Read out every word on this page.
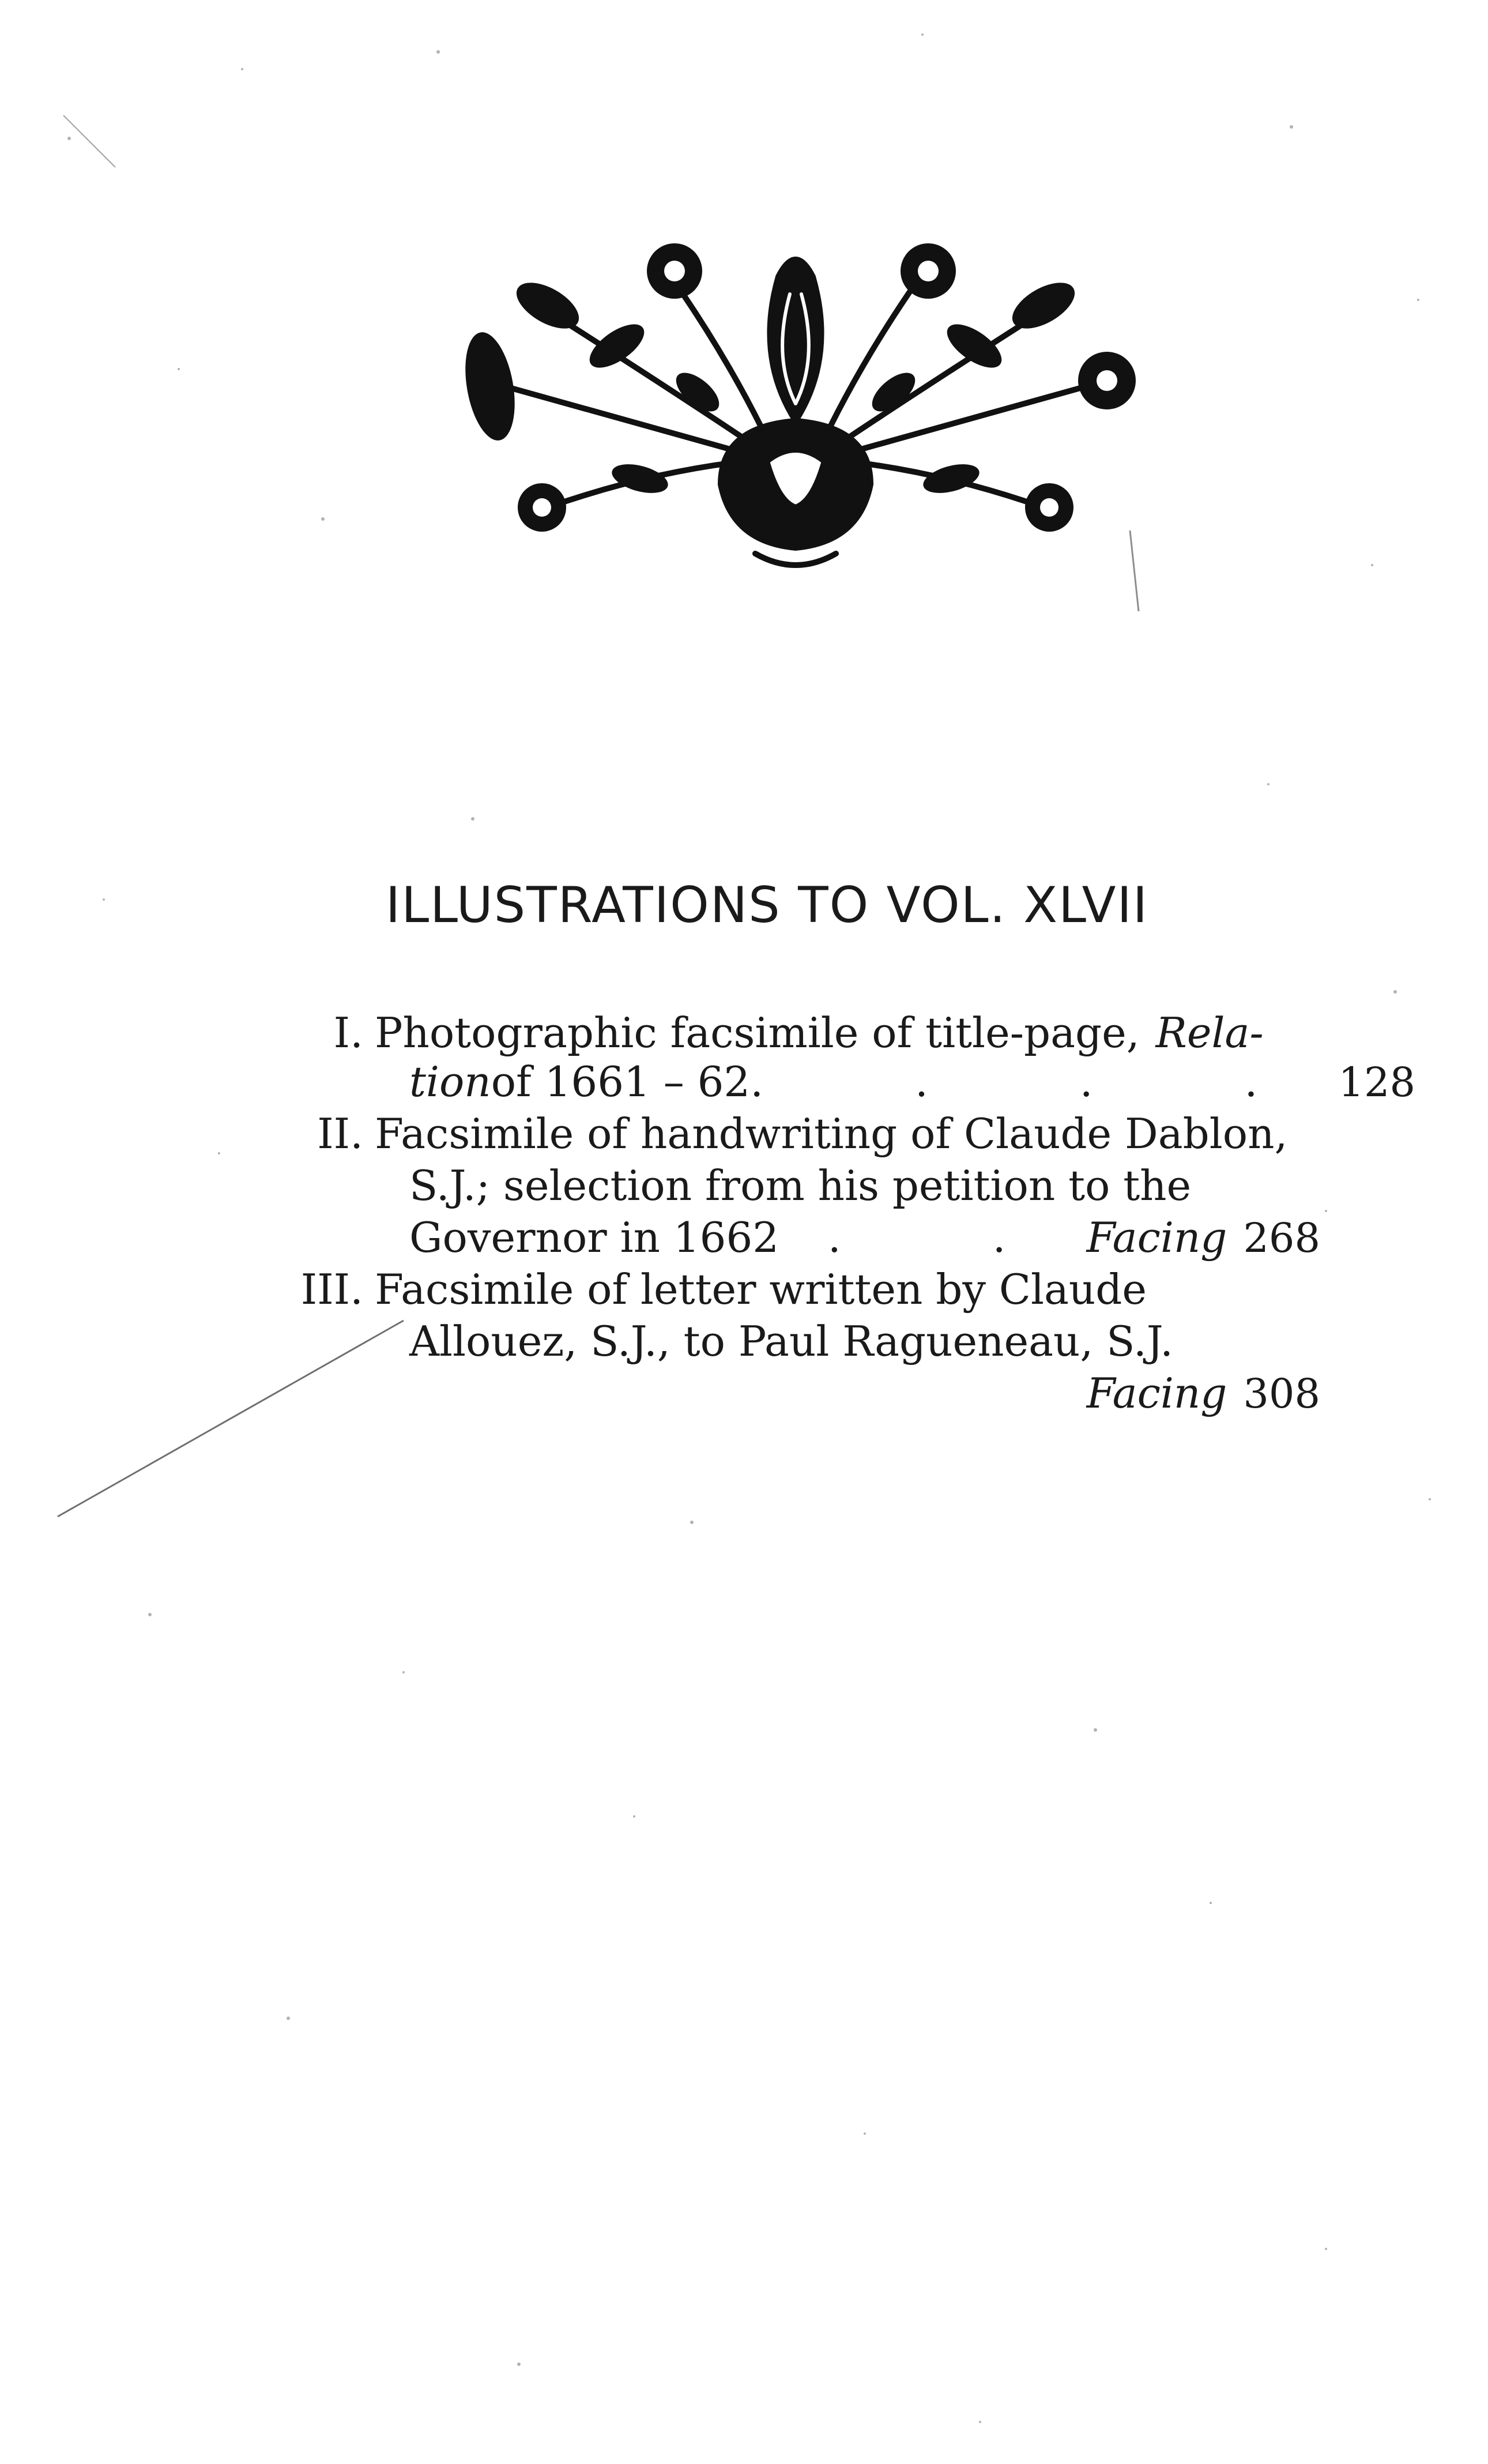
ILLUSTRATIONS TO VOL. XLVII
I. Photographic facsimile of title-page, Rela-
tion of 1661 – 62 . . . . 128
II. Facsimile of handwriting of Claude Dablon,
S.J.; selection from his petition to the
Governor in 1662 . . Facing 268
III. Facsimile of letter written by Claude
Allouez, S.J., to Paul Ragueneau, S.J.
Facing 308
